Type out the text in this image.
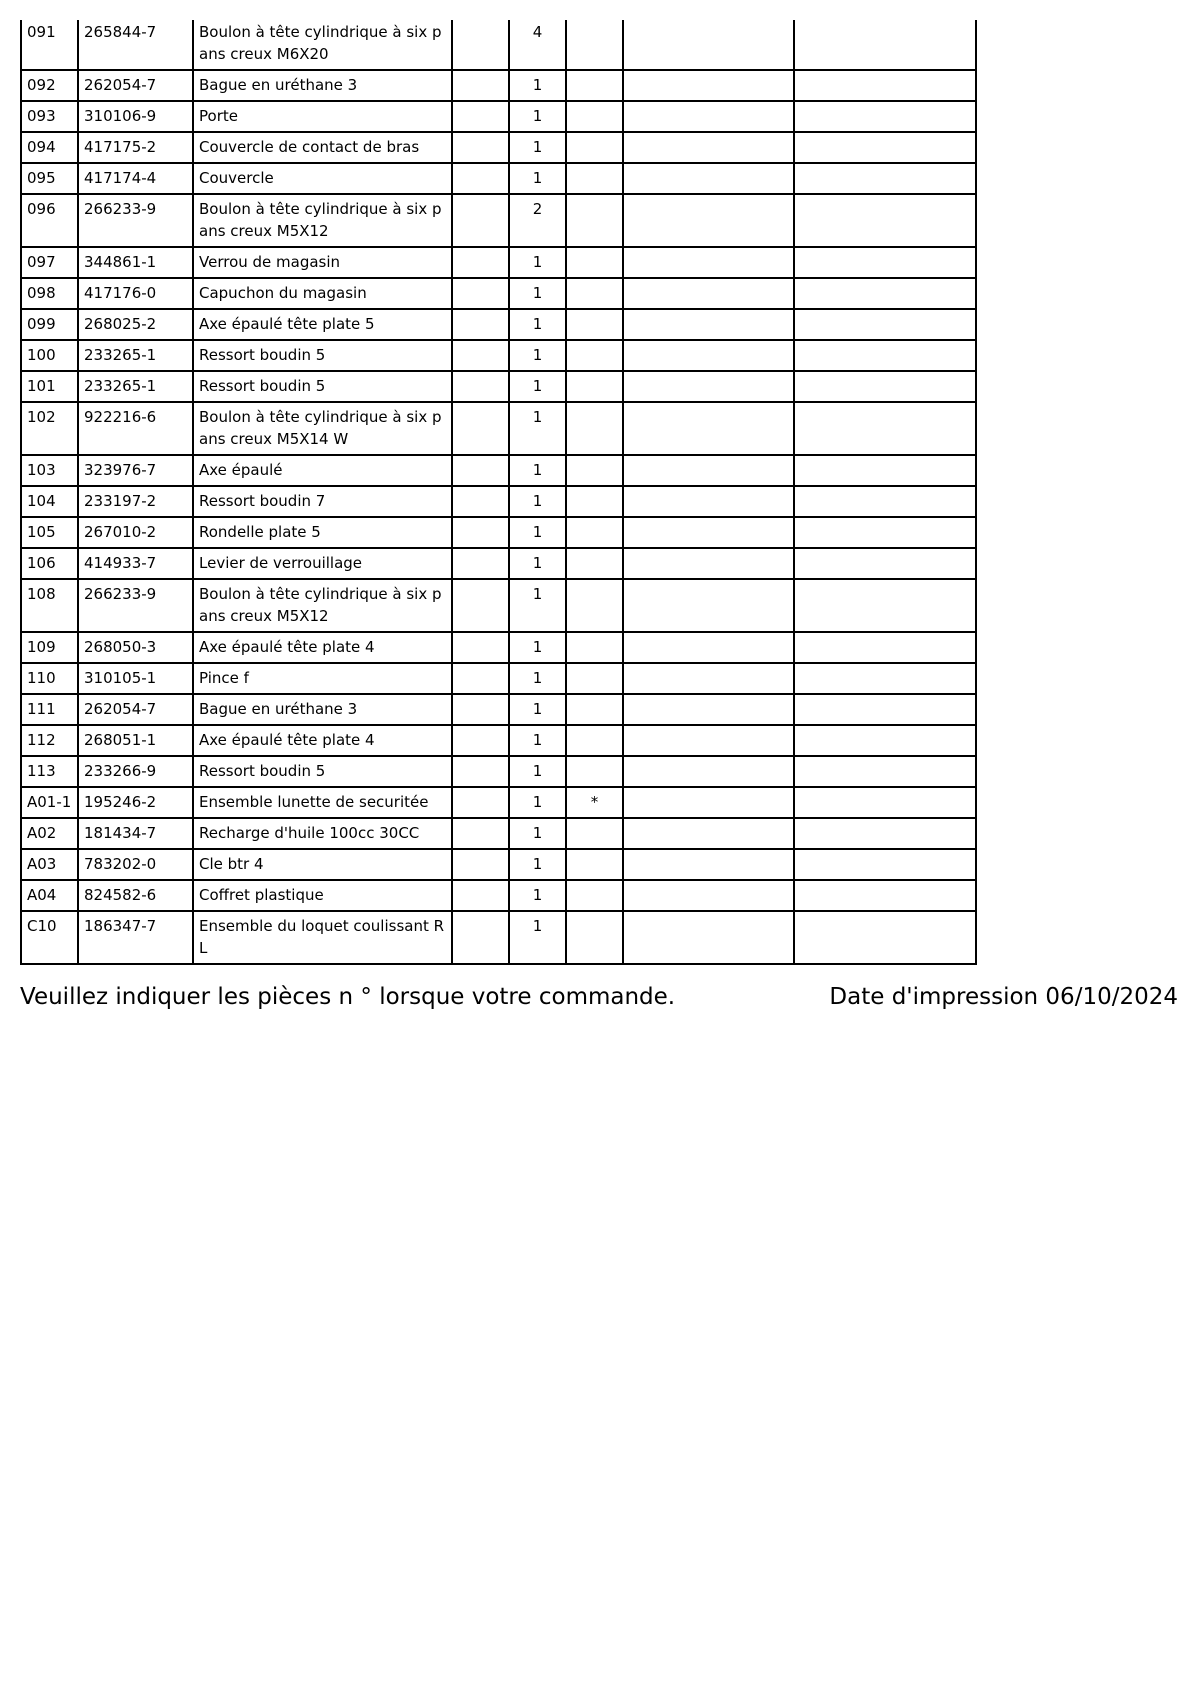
091	265844-7	Boulon à tête cylindrique à six pans creux M6X20		4			
092	262054-7	Bague en uréthane 3		1			
093	310106-9	Porte		1			
094	417175-2	Couvercle de contact de bras		1			
095	417174-4	Couvercle		1			
096	266233-9	Boulon à tête cylindrique à six pans creux M5X12		2			
097	344861-1	Verrou de magasin		1			
098	417176-0	Capuchon du magasin		1			
099	268025-2	Axe épaulé tête plate 5		1			
100	233265-1	Ressort boudin 5		1			
101	233265-1	Ressort boudin 5		1			
102	922216-6	Boulon à tête cylindrique à six pans creux M5X14 W		1			
103	323976-7	Axe épaulé		1			
104	233197-2	Ressort boudin 7		1			
105	267010-2	Rondelle plate 5		1			
106	414933-7	Levier de verrouillage		1			
108	266233-9	Boulon à tête cylindrique à six pans creux M5X12		1			
109	268050-3	Axe épaulé tête plate 4		1			
110	310105-1	Pince f		1			
111	262054-7	Bague en uréthane 3		1			
112	268051-1	Axe épaulé tête plate 4		1			
113	233266-9	Ressort boudin 5		1			
A01-1	195246-2	Ensemble lunette de securitée		1	*		
A02	181434-7	Recharge d'huile 100cc 30CC		1			
A03	783202-0	Cle btr 4		1			
A04	824582-6	Coffret plastique		1			
C10	186347-7	Ensemble du loquet coulissant R L		1			
Veuillez indiquer les pièces n ° lorsque votre commande.	Date d'impression 06/10/2024
